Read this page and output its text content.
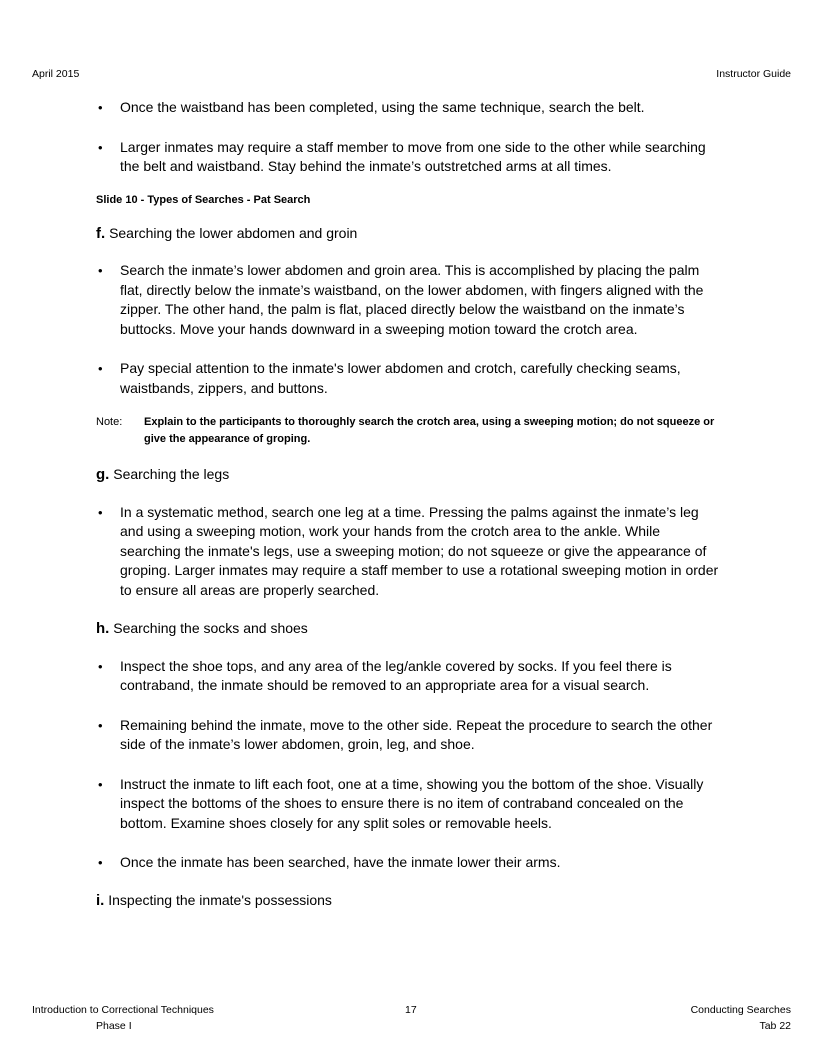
April 2015	Instructor Guide
• Once the waistband has been completed, using the same technique, search the belt.
• Larger inmates may require a staff member to move from one side to the other while searching the belt and waistband. Stay behind the inmate’s outstretched arms at all times.
Slide 10 - Types of Searches - Pat Search
f. Searching the lower abdomen and groin
• Search the inmate’s lower abdomen and groin area. This is accomplished by placing the palm flat, directly below the inmate’s waistband, on the lower abdomen, with fingers aligned with the zipper. The other hand, the palm is flat, placed directly below the waistband on the inmate’s buttocks. Move your hands downward in a sweeping motion toward the crotch area.
• Pay special attention to the inmate's lower abdomen and crotch, carefully checking seams, waistbands, zippers, and buttons.
Note: Explain to the participants to thoroughly search the crotch area, using a sweeping motion; do not squeeze or give the appearance of groping.
g. Searching the legs
• In a systematic method, search one leg at a time. Pressing the palms against the inmate’s leg and using a sweeping motion, work your hands from the crotch area to the ankle. While searching the inmate's legs, use a sweeping motion; do not squeeze or give the appearance of groping. Larger inmates may require a staff member to use a rotational sweeping motion in order to ensure all areas are properly searched.
h. Searching the socks and shoes
• Inspect the shoe tops, and any area of the leg/ankle covered by socks. If you feel there is contraband, the inmate should be removed to an appropriate area for a visual search.
• Remaining behind the inmate, move to the other side. Repeat the procedure to search the other side of the inmate’s lower abdomen, groin, leg, and shoe.
• Instruct the inmate to lift each foot, one at a time, showing you the bottom of the shoe. Visually inspect the bottoms of the shoes to ensure there is no item of contraband concealed on the bottom. Examine shoes closely for any split soles or removable heels.
• Once the inmate has been searched, have the inmate lower their arms.
i. Inspecting the inmate's possessions
Introduction to Correctional Techniques
Phase I
17	Conducting Searches
Tab 22
